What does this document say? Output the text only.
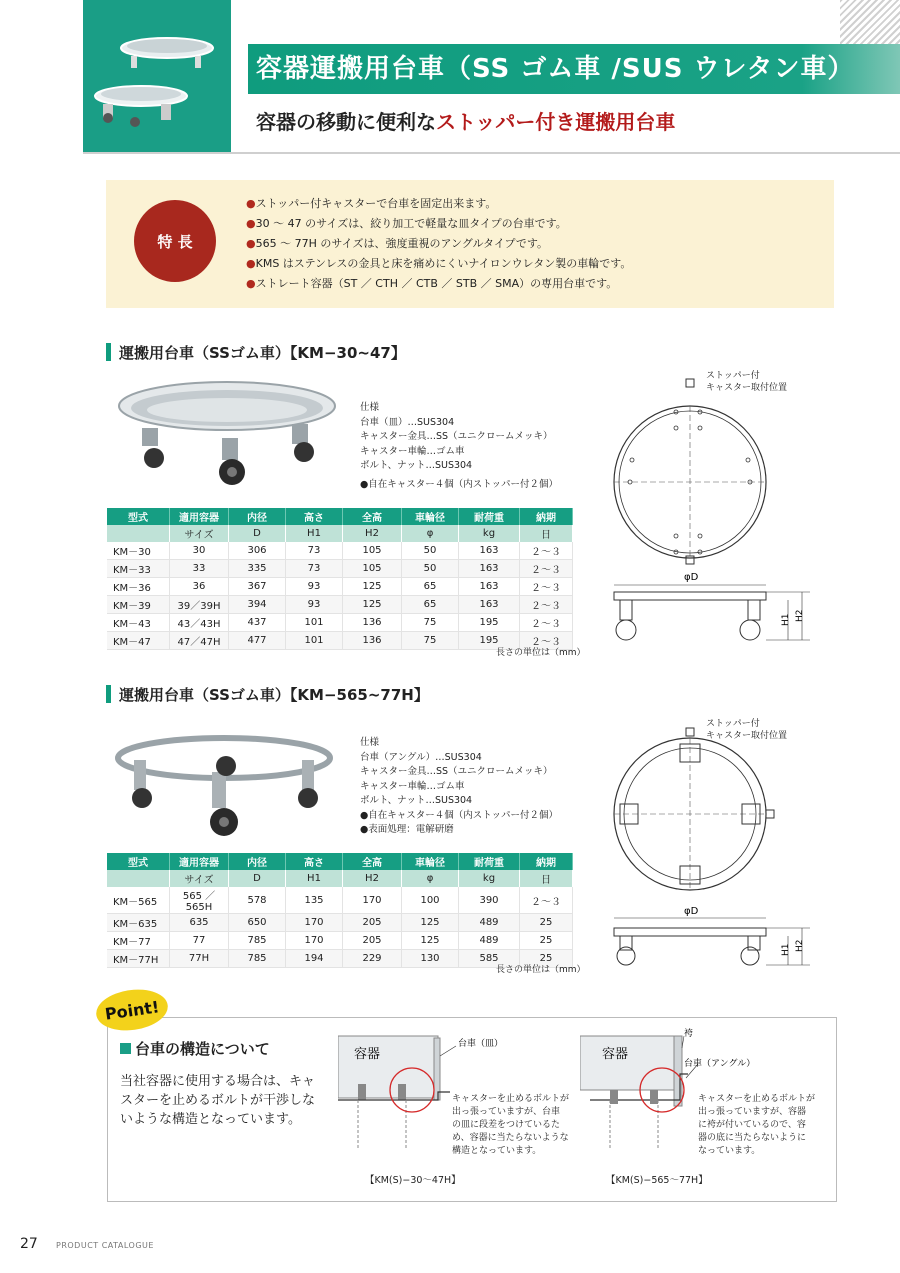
容器運搬用台車（SS ゴム車 /SUS ウレタン車）
容器の移動に便利なストッパー付き運搬用台車
●ストッパー付キャスターで台車を固定出来ます。
●30 ～ 47 のサイズは、絞り加工で軽量な皿タイプの台車です。
●565 ～ 77H のサイズは、強度重視のアングルタイプです。
●KMS はステンレスの金具と床を痛めにくいナイロンウレタン製の車輪です。
●ストレート容器（ST ／ CTH ／ CTB ／ STB ／ SMA）の専用台車です。
特 長
運搬用台車（SSゴム車）【KM−30~47】
仕様
台車（皿）…SUS304
キャスター金具…SS（ユニクロームメッキ）
キャスター車輪…ゴム車
ボルト、ナット…SUS304
●自在キャスター４個（内ストッパー付２個）
φD
H1 H2
ストッパー付
キャスター取付位置
型式	適用容器	内径	高さ	全高	車輪径	耐荷重	納期
	サイズ	D	H1	H2	φ	kg	日
KM－30	30	306	73	105	50	163	２～３
KM－33	33	335	73	105	50	163	２～３
KM－36	36	367	93	125	65	163	２～３
KM－39	39／39H	394	93	125	65	163	２～３
KM－43	43／43H	437	101	136	75	195	２～３
KM－47	47／47H	477	101	136	75	195	２～３
長さの単位は（mm）
運搬用台車（SSゴム車）【KM−565~77H】
仕様
台車（アングル）…SUS304
キャスター金具…SS（ユニクロームメッキ）
キャスター車輪…ゴム車
ボルト、ナット…SUS304
●自在キャスター４個（内ストッパー付２個）
●表面処理：電解研磨
φD
H1 H2
ストッパー付
キャスター取付位置
型式	適用容器	内径	高さ	全高	車輪径	耐荷重	納期
	サイズ	D	H1	H2	φ	kg	日
KM－565	565 ／ 565H	578	135	170	100	390	２～３
KM－635	635	650	170	205	125	489	25
KM－77	77	785	170	205	125	489	25
KM－77H	77H	785	194	229	130	585	25
長さの単位は（mm）
Point!
台車の構造について
当社容器に使用する場合は、キャスターを止めるボルトが干渉しないような構造となっています。
容器
台車（皿）
キャスターを止めるボルトが
出っ張っていますが、台車
の皿に段差をつけているた
め、容器に当たらないような
構造となっています。
【KM(S)−30〜47H】
容器
袴
台車（アングル）
キャスターを止めるボルトが
出っ張っていますが、容器
に袴が付いているので、容
器の底に当たらないように
なっています。
【KM(S)−565〜77H】
27 PRODUCT CATALOGUE
